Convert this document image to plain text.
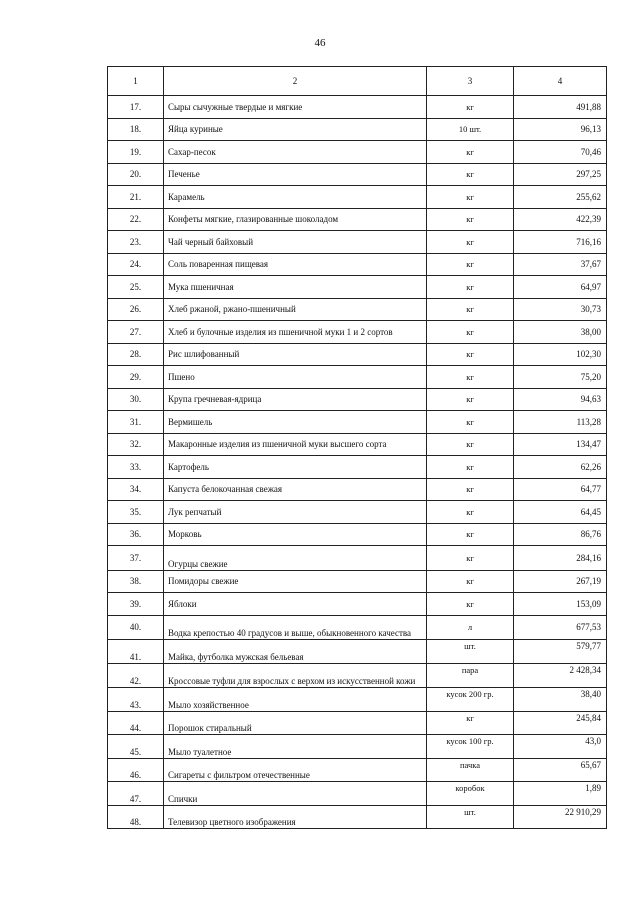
46
1	2	3	4
17.	Сыры сычужные твердые и мягкие	кг	491,88
18.	Яйца куриные	10 шт.	96,13
19.	Сахар-песок	кг	70,46
20.	Печенье	кг	297,25
21.	Карамель	кг	255,62
22.	Конфеты мягкие, глазированные шоколадом	кг	422,39
23.	Чай черный байховый	кг	716,16
24.	Соль поваренная пищевая	кг	37,67
25.	Мука пшеничная	кг	64,97
26.	Хлеб ржаной, ржано-пшеничный	кг	30,73
27.	Хлеб и булочные изделия из пшеничной муки 1 и 2 сортов	кг	38,00
28.	Рис шлифованный	кг	102,30
29.	Пшено	кг	75,20
30.	Крупа гречневая-ядрица	кг	94,63
31.	Вермишель	кг	113,28
32.	Макаронные изделия из пшеничной муки высшего сорта	кг	134,47
33.	Картофель	кг	62,26
34.	Капуста белокочанная свежая	кг	64,77
35.	Лук репчатый	кг	64,45
36.	Морковь	кг	86,76
37.	Огурцы свежие	кг	284,16
38.	Помидоры свежие	кг	267,19
39.	Яблоки	кг	153,09
40.	Водка крепостью 40 градусов и выше, обыкновенного качества	л	677,53
41.	Майка, футболка мужская бельевая	шт.	579,77
42.	Кроссовые туфли для взрослых с верхом из искусственной кожи	пара	2 428,34
43.	Мыло хозяйственное	кусок 200 гр.	38,40
44.	Порошок стиральный	кг	245,84
45.	Мыло туалетное	кусок 100 гр.	43,0
46.	Сигареты с фильтром отечественные	пачка	65,67
47.	Спички	коробок	1,89
48.	Телевизор цветного изображения	шт.	22 910,29
